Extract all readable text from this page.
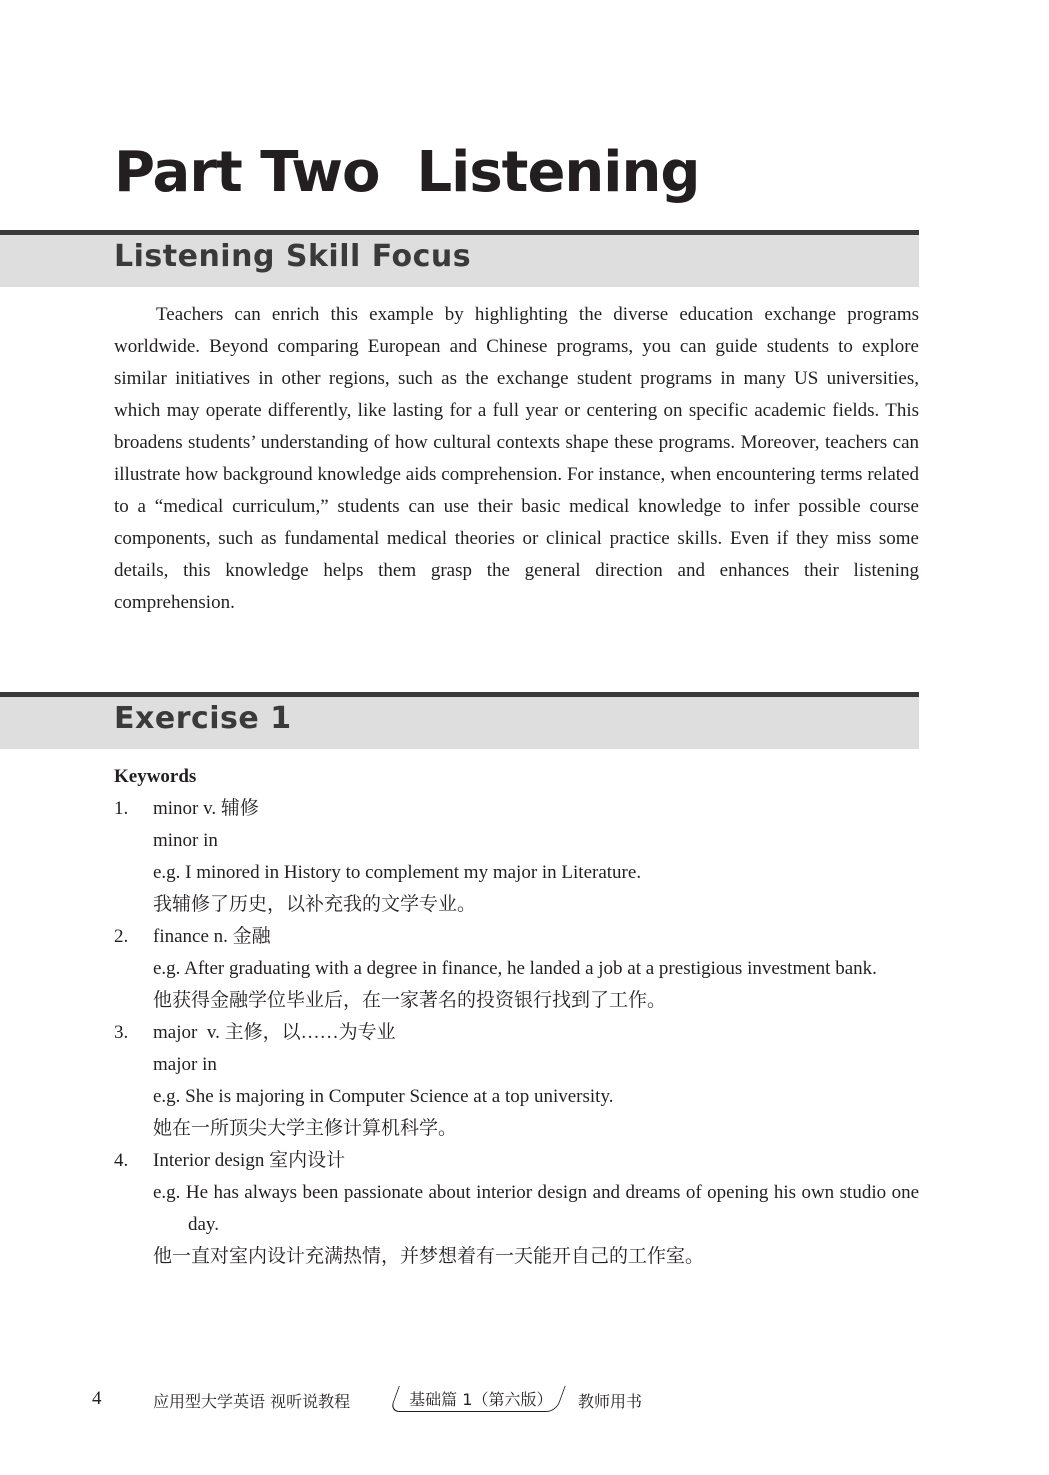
Part Two  Listening
Listening Skill Focus

Teachers can enrich this example by highlighting the diverse education exchange programs worldwide. Beyond comparing European and Chinese programs, you can guide students to explore similar initiatives in other regions, such as the exchange student programs in many US universities, which may operate differently, like lasting for a full year or centering on specific academic fields. This broadens students’ understanding of how cultural contexts shape these programs. Moreover, teachers can illustrate how background knowledge aids comprehension. For instance, when encountering terms related to a “medical curriculum,” students can use their basic medical knowledge to infer possible course components, such as fundamental medical theories or clinical practice skills. Even if they miss some details, this knowledge helps them grasp the general direction and enhances their listening comprehension.

Exercise 1
Keywords
1. minor v. 辅修
minor in
e.g. I minored in History to complement my major in Literature.
我辅修了历史，以补充我的文学专业。
2. finance n. 金融
e.g. After graduating with a degree in finance, he landed a job at a prestigious investment bank.
他获得金融学位毕业后，在一家著名的投资银行找到了工作。
3. major  v. 主修，以……为专业
major in
e.g. She is majoring in Computer Science at a top university.
她在一所顶尖大学主修计算机科学。
4. Interior design 室内设计
e.g. He has always been passionate about interior design and dreams of opening his own studio one day.
他一直对室内设计充满热情，并梦想着有一天能开自己的工作室。
4	应用型大学英语 视听说教程	基础篇 1（第六版）	教师用书
